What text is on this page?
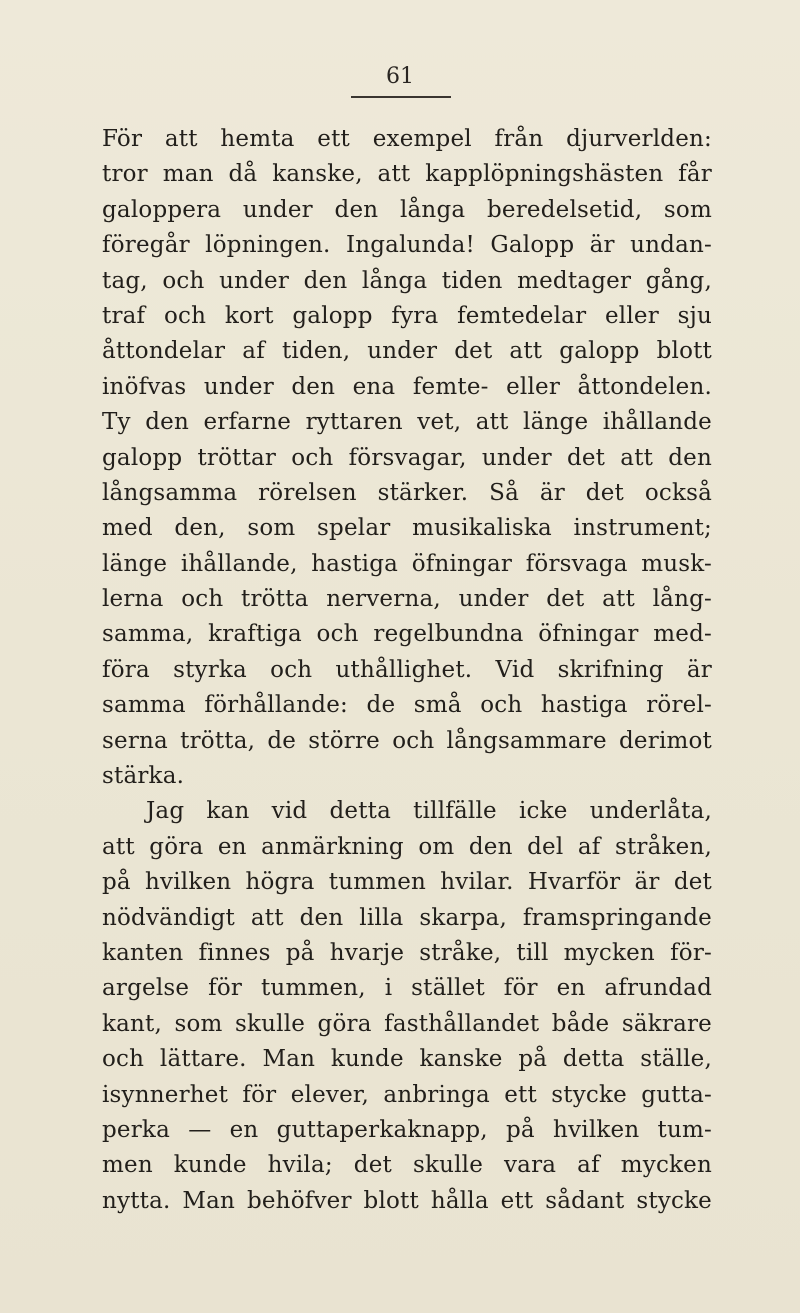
61
För att hemta ett exempel från djurverlden:
tror man då kanske, att kapplöpningshästen får
galoppera under den långa beredelsetid, som
föregår löpningen. Ingalunda! Galopp är undan-
tag, och under den långa tiden medtager gång,
traf och kort galopp fyra femtedelar eller sju
åttondelar af tiden, under det att galopp blott
inöfvas under den ena femte- eller åttondelen.
Ty den erfarne ryttaren vet, att länge ihållande
galopp tröttar och försvagar, under det att den
långsamma rörelsen stärker. Så är det också
med den, som spelar musikaliska instrument;
länge ihållande, hastiga öfningar försvaga musk-
lerna och trötta nerverna, under det att lång-
samma, kraftiga och regelbundna öfningar med-
föra styrka och uthållighet. Vid skrifning är
samma förhållande: de små och hastiga rörel-
serna trötta, de större och långsammare derimot
stärka.
Jag kan vid detta tillfälle icke underlåta,
att göra en anmärkning om den del af stråken,
på hvilken högra tummen hvilar. Hvarför är det
nödvändigt att den lilla skarpa, framspringande
kanten finnes på hvarje stråke, till mycken för-
argelse för tummen, i stället för en afrundad
kant, som skulle göra fasthållandet både säkrare
och lättare. Man kunde kanske på detta ställe,
isynnerhet för elever, anbringa ett stycke gutta-
perka — en guttaperkaknapp, på hvilken tum-
men kunde hvila; det skulle vara af mycken
nytta. Man behöfver blott hålla ett sådant stycke
